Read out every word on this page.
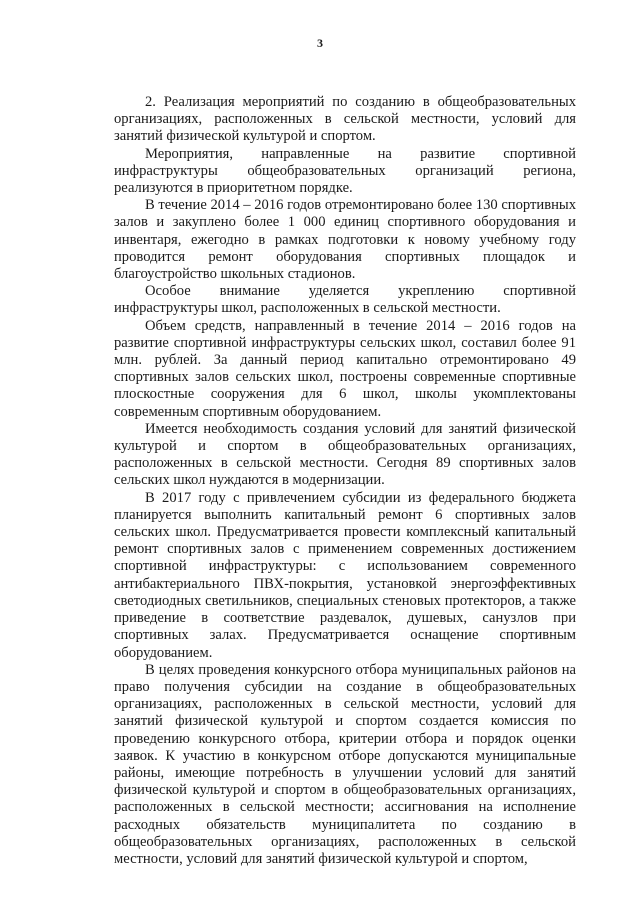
3

2. Реализация мероприятий по созданию в общеобразовательных организациях, расположенных в сельской местности, условий для занятий физической культурой и спортом.

Мероприятия, направленные на развитие спортивной инфраструктуры общеобразовательных организаций региона, реализуются в приоритетном порядке.

В течение 2014 – 2016 годов отремонтировано более 130 спортивных залов и закуплено более 1 000 единиц спортивного оборудования и инвентаря, ежегодно в рамках подготовки к новому учебному году проводится ремонт оборудования спортивных площадок и благоустройство школьных стадионов.

Особое внимание уделяется укреплению спортивной инфраструктуры школ, расположенных в сельской местности.

Объем средств, направленный в течение 2014 – 2016 годов на развитие спортивной инфраструктуры сельских школ, составил более 91 млн. рублей. За данный период капитально отремонтировано 49 спортивных залов сельских школ, построены современные спортивные плоскостные сооружения для 6 школ, школы укомплектованы современным спортивным оборудованием.

Имеется необходимость создания условий для занятий физической культурой и спортом в общеобразовательных организациях, расположенных в сельской местности. Сегодня 89 спортивных залов сельских школ нуждаются в модернизации.

В 2017 году с привлечением субсидии из федерального бюджета планируется выполнить капитальный ремонт 6 спортивных залов сельских школ. Предусматривается провести комплексный капитальный ремонт спортивных залов с применением современных достижением спортивной инфраструктуры: с использованием современного антибактериального ПВХ-покрытия, установкой энергоэффективных светодиодных светильников, специальных стеновых протекторов, а также приведение в соответствие раздевалок, душевых, санузлов при спортивных залах. Предусматривается оснащение спортивным оборудованием.

В целях проведения конкурсного отбора муниципальных районов на право получения субсидии на создание в общеобразовательных организациях, расположенных в сельской местности, условий для занятий физической культурой и спортом создается комиссия по проведению конкурсного отбора, критерии отбора и порядок оценки заявок. К участию в конкурсном отборе допускаются муниципальные районы, имеющие потребность в улучшении условий для занятий физической культурой и спортом в общеобразовательных организациях, расположенных в сельской местности; ассигнования на исполнение расходных обязательств муниципалитета по созданию в общеобразовательных организациях, расположенных в сельской местности, условий для занятий физической культурой и спортом,
